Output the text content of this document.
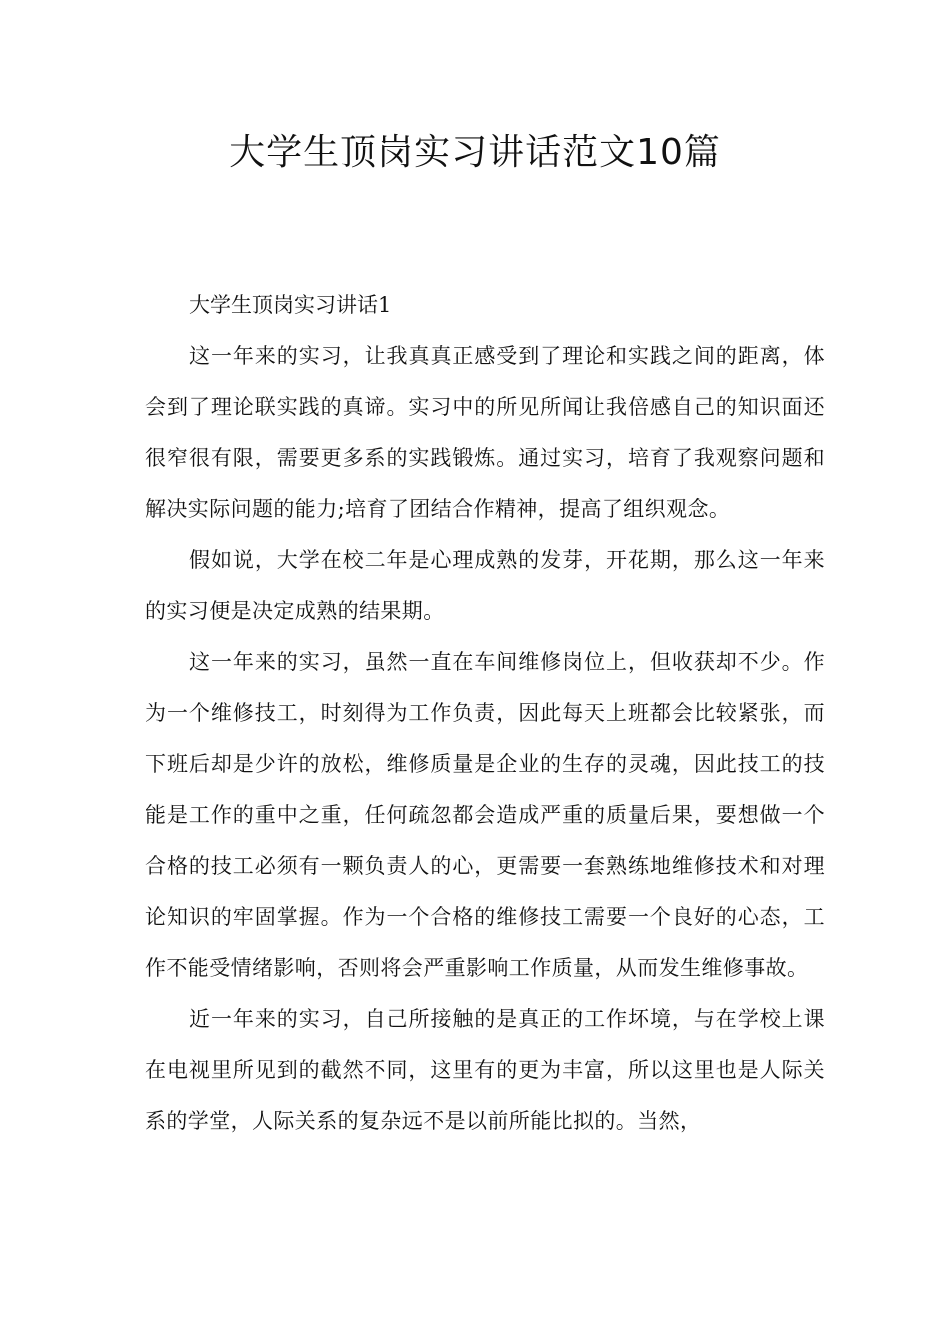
大学生顶岗实习讲话范文10篇

大学生顶岗实习讲话1

这一年来的实习，让我真真正感受到了理论和实践之间的距离，体会到了理论联实践的真谛。实习中的所见所闻让我倍感自己的知识面还很窄很有限，需要更多系的实践锻炼。通过实习，培育了我观察问题和解决实际问题的能力;培育了团结合作精神，提高了组织观念。

假如说，大学在校二年是心理成熟的发芽，开花期，那么这一年来的实习便是决定成熟的结果期。

这一年来的实习，虽然一直在车间维修岗位上，但收获却不少。作为一个维修技工，时刻得为工作负责，因此每天上班都会比较紧张，而下班后却是少许的放松，维修质量是企业的生存的灵魂，因此技工的技能是工作的重中之重，任何疏忽都会造成严重的质量后果，要想做一个合格的技工必须有一颗负责人的心，更需要一套熟练地维修技术和对理论知识的牢固掌握。作为一个合格的维修技工需要一个良好的心态，工作不能受情绪影响，否则将会严重影响工作质量，从而发生维修事故。

近一年来的实习，自己所接触的是真正的工作坏境，与在学校上课在电视里所见到的截然不同，这里有的更为丰富，所以这里也是人际关系的学堂，人际关系的复杂远不是以前所能比拟的。当然，
